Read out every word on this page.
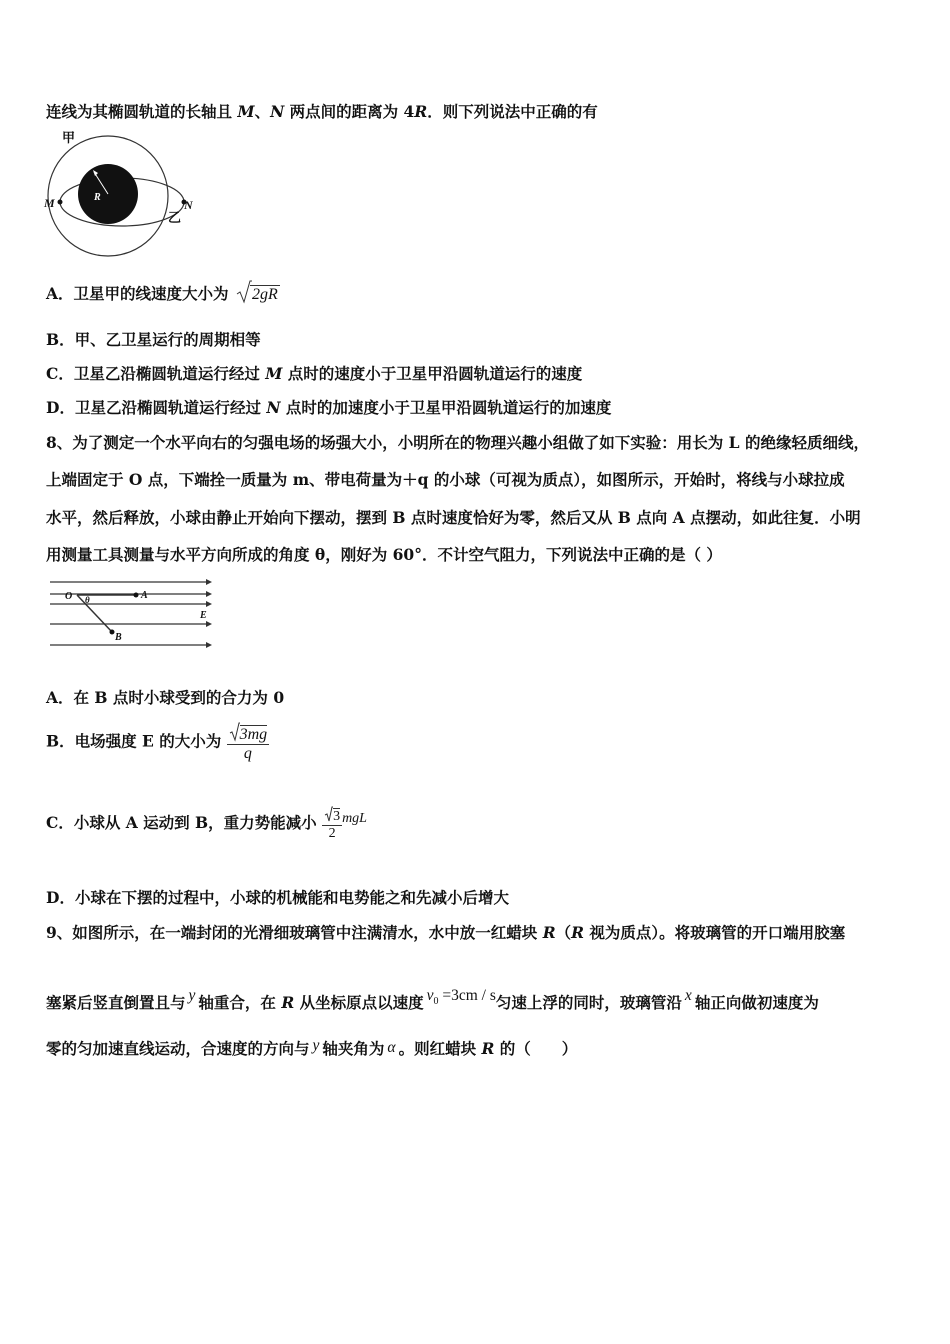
连线为其椭圆轨道的长轴且 M、N 两点间的距离为 4R．则下列说法中正确的有
R
甲
M	N
乙
A．卫星甲的线速度大小为 2gR
B．甲、乙卫星运行的周期相等
C．卫星乙沿椭圆轨道运行经过 M 点时的速度小于卫星甲沿圆轨道运行的速度
D．卫星乙沿椭圆轨道运行经过 N 点时的加速度小于卫星甲沿圆轨道运行的加速度
8、为了测定一个水平向右的匀强电场的场强大小，小明所在的物理兴趣小组做了如下实验：用长为 L 的绝缘轻质细线，
上端固定于 O 点，下端拴一质量为 m、带电荷量为＋q 的小球（可视为质点），如图所示，开始时，将线与小球拉成
水平，然后释放，小球由静止开始向下摆动，摆到 B 点时速度恰好为零，然后又从 B 点向 A 点摆动，如此往复．小明
用测量工具测量与水平方向所成的角度 θ，刚好为 60°．不计空气阻力，下列说法中正确的是（ ）
O θ	A
B
E
A．在 B 点时小球受到的合力为 0
B．电场强度 E 的大小为 $\frac{3mg}{q}$
C．小球从 A 运动到 B，重力势能减小 $\frac{3}{2}$ mgL
D．小球在下摆的过程中，小球的机械能和电势能之和先减小后增大
9、如图所示，在一端封闭的光滑细玻璃管中注满清水，水中放一红蜡块 R（R 视为质点）。将玻璃管的开口端用胶塞
塞紧后竖直倒置且与 y 轴重合，在 R 从坐标原点以速度 $v_0 =3cm / s$匀速上浮的同时，玻璃管沿 x 轴正向做初速度为
零的匀加速直线运动，合速度的方向与 y 轴夹角为 α 。则红蜡块 R 的（　　）
